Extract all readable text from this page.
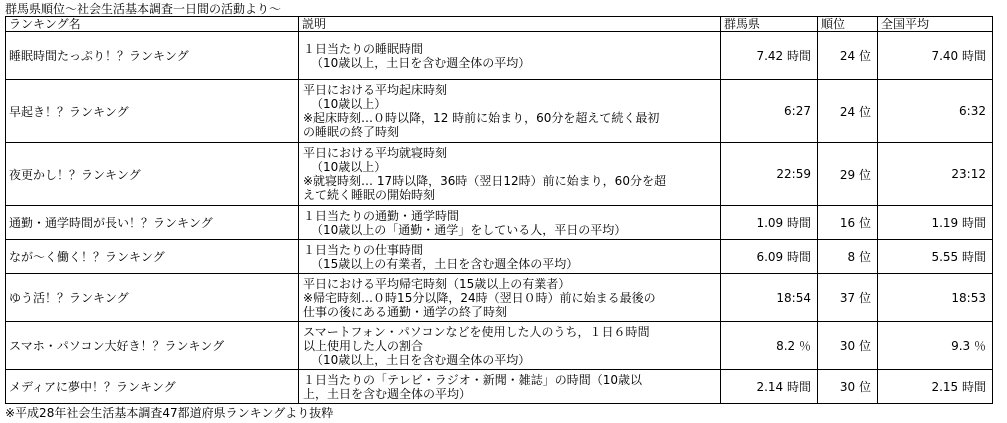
群馬県順位～社会生活基本調査一日間の活動より～
ランキング名	説明	群馬県	順位	全国平均
睡眠時間たっぷり！？ランキング	１日当たりの睡眠時間
（10歳以上，土日を含む週全体の平均）	7.42 時間	24 位	7.40 時間
早起き！？ランキング	平日における平均起床時刻
（10歳以上）
※起床時刻…０時以降，12 時前に始まり，60分を超えて続く最初
の睡眠の終了時刻	6:27	24 位	6:32
夜更かし！？ランキング	平日における平均就寝時刻
（10歳以上）
※就寝時刻… 17時以降，36時（翌日12時）前に始まり，60分を超
えて続く睡眠の開始時刻	22:59	29 位	23:12
通勤・通学時間が長い！？ランキング	１日当たりの通勤・通学時間
（10歳以上の「通勤・通学」をしている人，平日の平均）	1.09 時間	16 位	1.19 時間
なが～く働く！？ランキング	１日当たりの仕事時間
（15歳以上の有業者，土日を含む週全体の平均）	6.09 時間	8 位	5.55 時間
ゆう活！？ランキング	平日における平均帰宅時刻（15歳以上の有業者）
※帰宅時刻…０時15分以降，24時（翌日０時）前に始まる最後の
仕事の後にある通勤・通学の終了時刻	18:54	37 位	18:53
スマホ・パソコン大好き！？ランキング	スマートフォン・パソコンなどを使用した人のうち，１日６時間
以上使用した人の割合
（10歳以上，土日を含む週全体の平均）	8.2 ％	30 位	9.3 ％
メディアに夢中！？ランキング	１日当たりの「テレビ・ラジオ・新聞・雑誌」の時間（10歳以
上，土日を含む週全体の平均）	2.14 時間	30 位	2.15 時間
※平成28年社会生活基本調査47都道府県ランキングより抜粋
